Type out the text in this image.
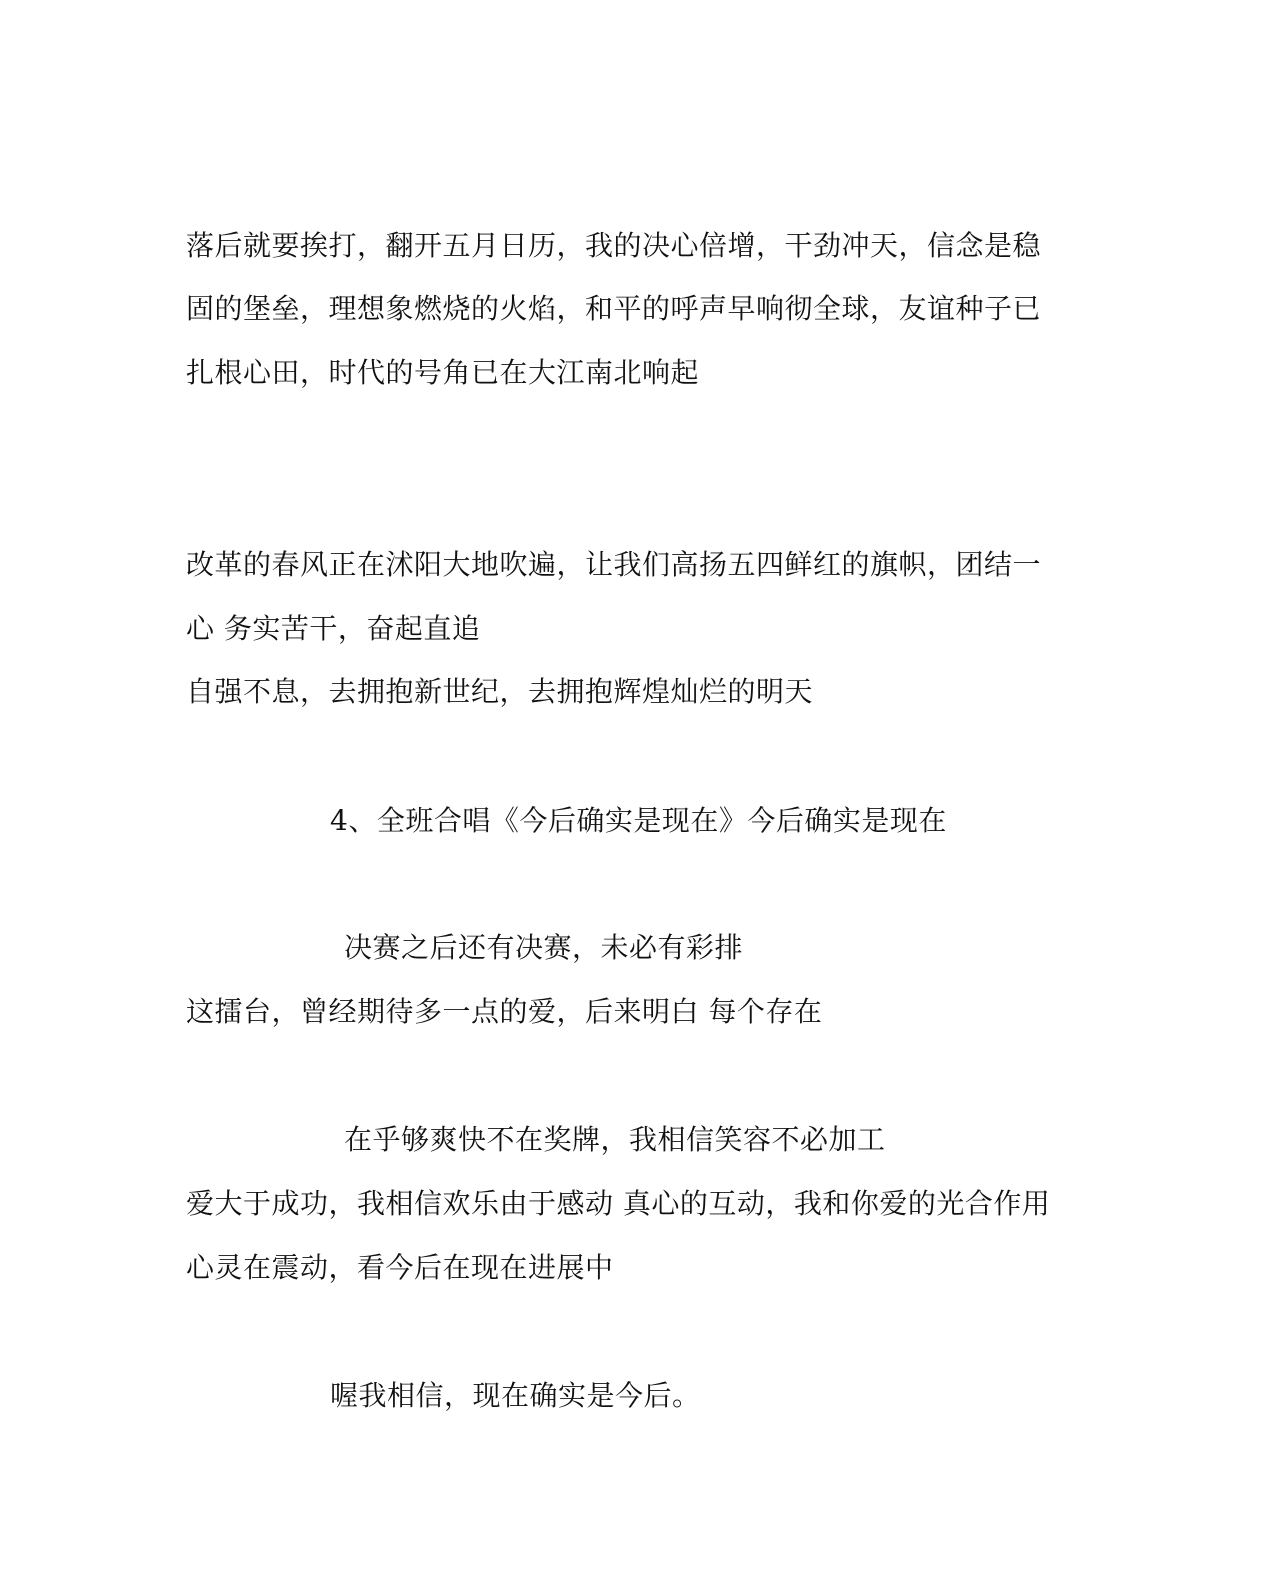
落后就要挨打，翻开五月日历，我的决心倍增，干劲冲天，信念是稳
固的堡垒，理想象燃烧的火焰，和平的呼声早响彻全球，友谊种子已
扎根心田，时代的号角已在大江南北响起
改革的春风正在沭阳大地吹遍，让我们高扬五四鲜红的旗帜，团结一
心 务实苦干，奋起直追
自强不息，去拥抱新世纪，去拥抱辉煌灿烂的明天
4、全班合唱《今后确实是现在》今后确实是现在
决赛之后还有决赛，未必有彩排
这擂台，曾经期待多一点的爱，后来明白 每个存在
在乎够爽快不在奖牌，我相信笑容不必加工
爱大于成功，我相信欢乐由于感动 真心的互动，我和你爱的光合作用
心灵在震动，看今后在现在进展中
喔我相信，现在确实是今后。
